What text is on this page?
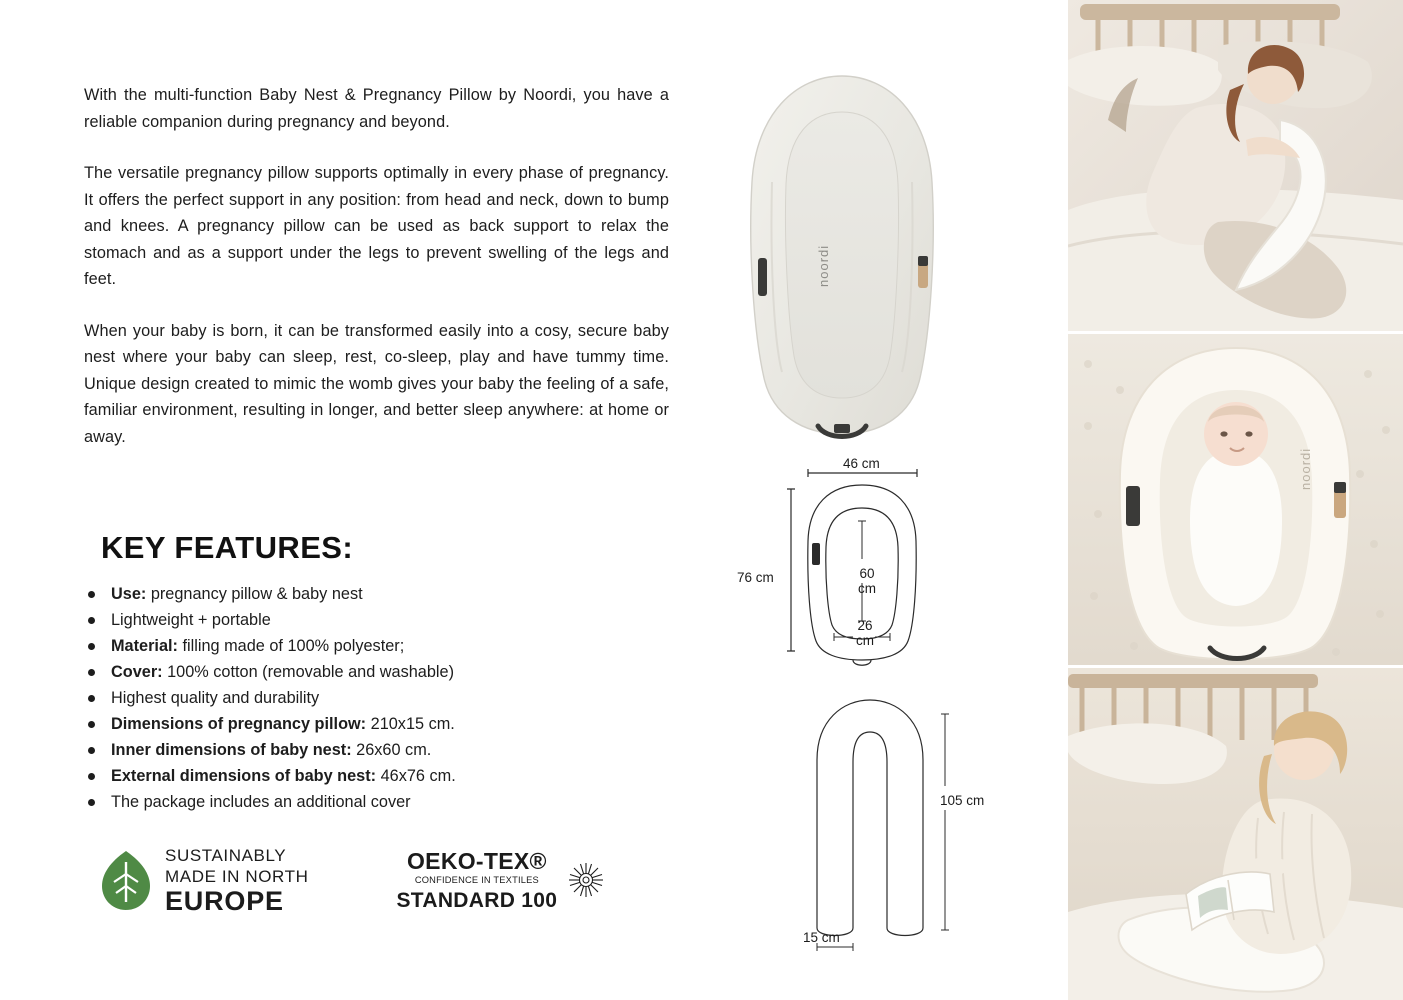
With the multi-function Baby Nest & Pregnancy Pillow by Noordi, you have a reliable companion during pregnancy and beyond.

The versatile pregnancy pillow supports optimally in every phase of pregnancy. It offers the perfect support in any position: from head and neck, down to bump and knees. A pregnancy pillow can be used as back support to relax the stomach and as a support under the legs to prevent swelling of the legs and feet.

When your baby is born, it can be transformed easily into a cosy, secure baby nest where your baby can sleep, rest, co-sleep, play and have tummy time. Unique design created to mimic the womb gives your baby the feeling of a safe, familiar environment, resulting in longer, and better sleep anywhere: at home or away.

KEY FEATURES:
Use: pregnancy pillow & baby nest
Lightweight + portable
Material: filling made of 100% polyester;
Cover: 100% cotton (removable and washable)
Highest quality and durability
Dimensions of pregnancy pillow: 210x15 cm.
Inner dimensions of baby nest: 26x60 cm.
External dimensions of baby nest: 46x76 cm.
The package includes an additional cover
SUSTAINABLY
MADE IN NORTH
EUROPE
OEKO-TEX®
CONFIDENCE IN TEXTILES
STANDARD 100
noordi
46 cm
76 cm	60
cm
26
cm
105 cm
15 cm
noordi
